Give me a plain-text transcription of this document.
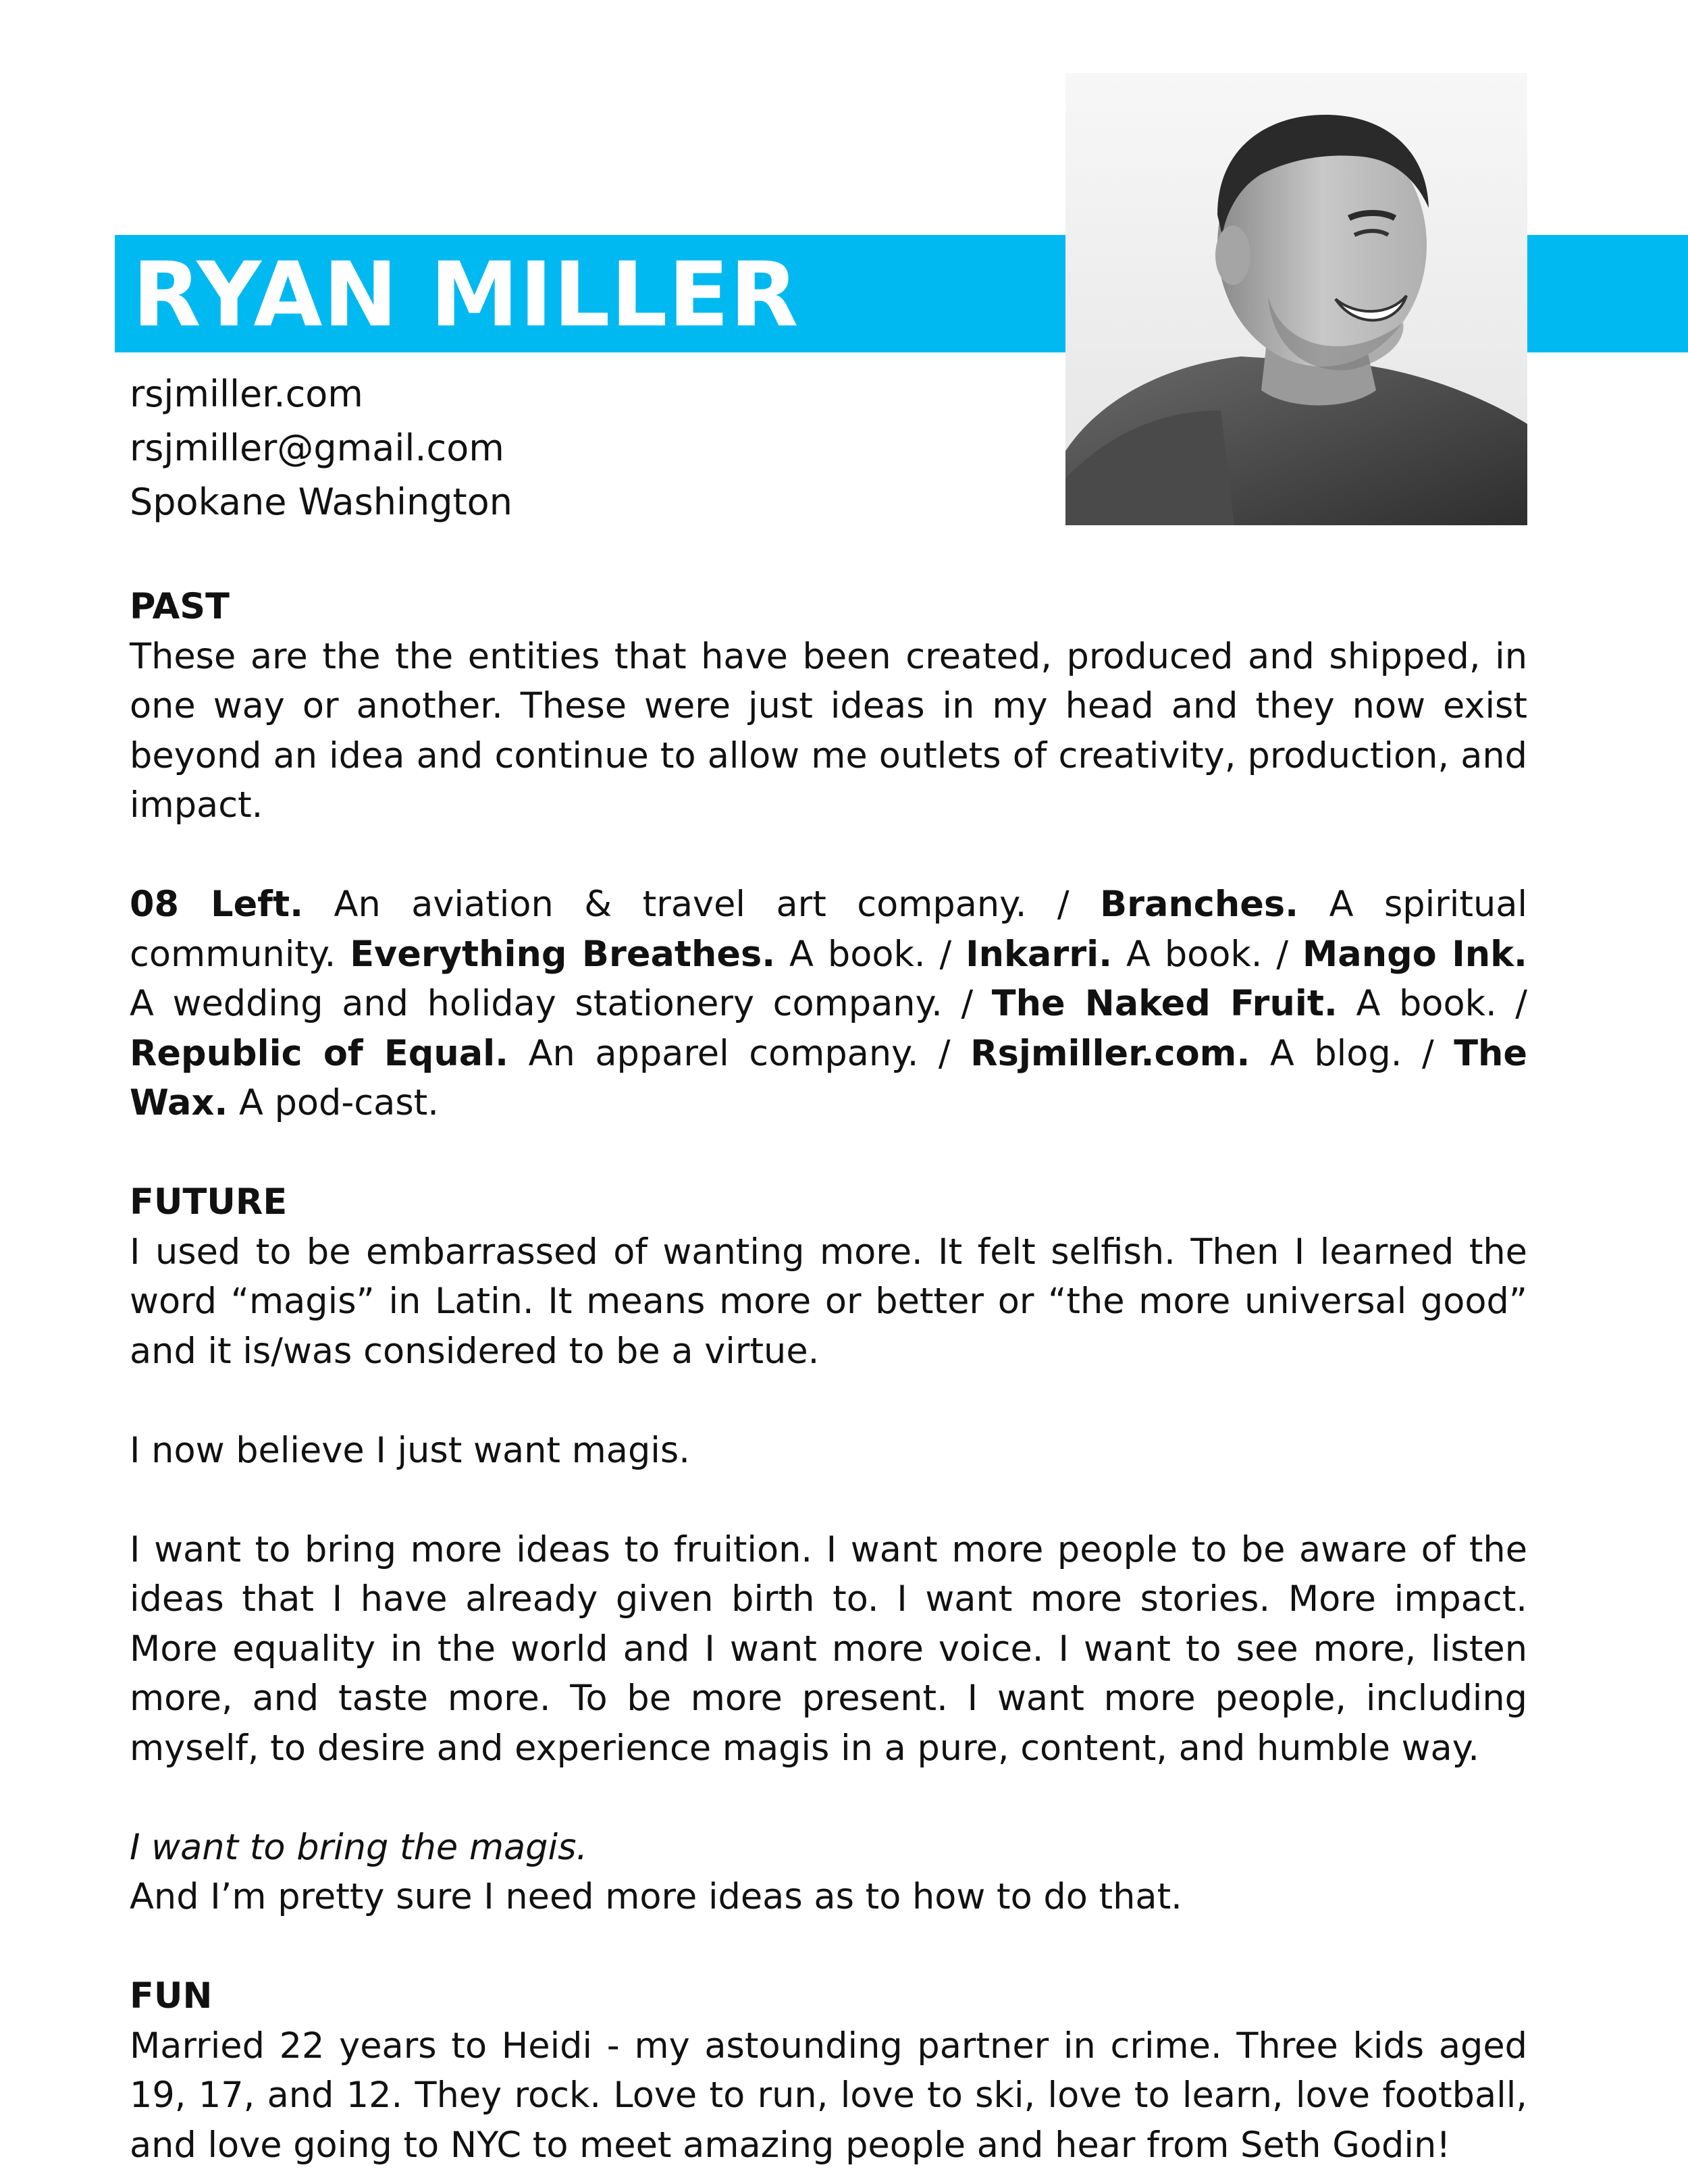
RYAN MILLER
rsjmiller.com
rsjmiller@gmail.com
Spokane Washington
PAST

These are the the entities that have been created, produced and shipped, in one way or another. These were just ideas in my head and they now exist beyond an idea and continue to allow me outlets of creativity, production, and impact.

08 Left. An aviation & travel art company. / Branches. A spiritual community. Everything Breathes. A book. / Inkarri. A book. / Mango Ink. A wedding and holiday stationery company. / The Naked Fruit. A book. / Republic of Equal. An apparel company. / Rsjmiller.com. A blog. / The Wax. A pod-cast.

FUTURE

I used to be embarrassed of wanting more. It felt selfish. Then I learned the word “magis” in Latin. It means more or better or “the more universal good” and it is/was considered to be a virtue.

I now believe I just want magis.

I want to bring more ideas to fruition. I want more people to be aware of the ideas that I have already given birth to. I want more stories. More impact. More equality in the world and I want more voice. I want to see more, listen more, and taste more. To be more present. I want more people, including myself, to desire and experience magis in a pure, content, and humble way.

I want to bring the magis.

And I’m pretty sure I need more ideas as to how to do that.

FUN

Married 22 years to Heidi - my astounding partner in crime. Three kids aged 19, 17, and 12. They rock. Love to run, love to ski, love to learn, love football, and love going to NYC to meet amazing people and hear from Seth Godin!
